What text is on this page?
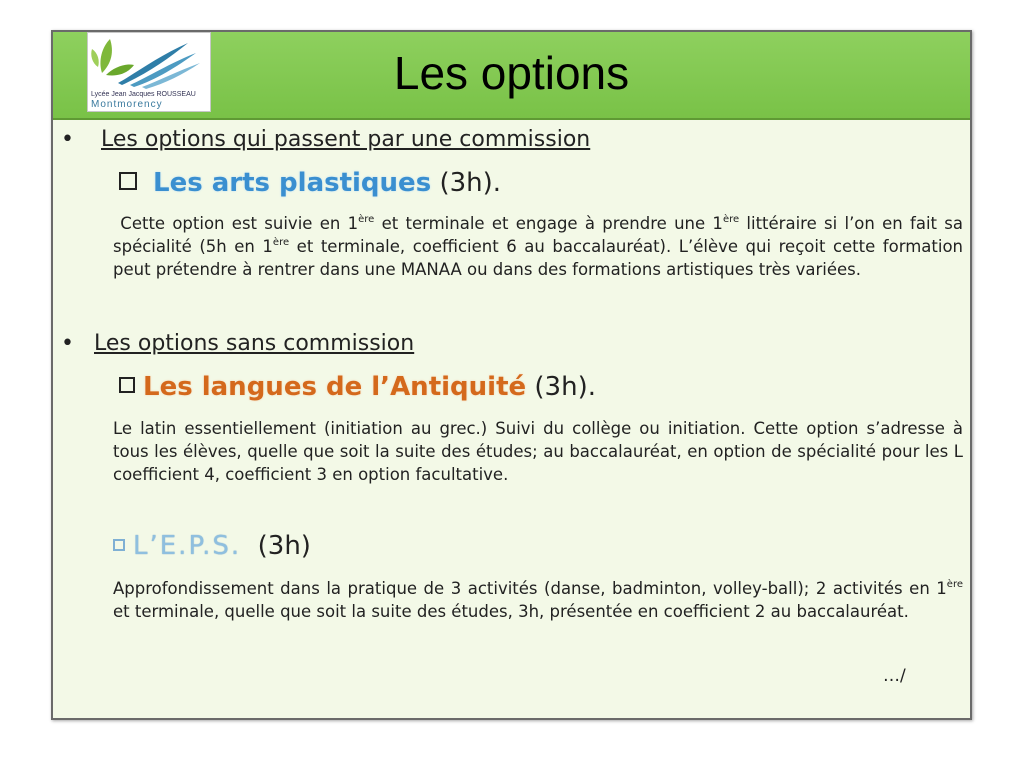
Lycée Jean Jacques ROUSSEAU
Montmorency
Les options
• Les options qui passent par une commission
Les arts plastiques (3h).
Cette option est suivie en 1ère et terminale et engage à prendre une 1ère littéraire si l’on en fait sa spécialité (5h en 1ère et terminale, coefficient 6 au baccalauréat). L’élève qui reçoit cette formation peut prétendre à rentrer dans une MANAA ou dans des formations artistiques très variées.
• Les options sans commission
Les langues de l’Antiquité (3h).
Le latin essentiellement (initiation au grec.) Suivi du collège ou initiation. Cette option s’adresse à tous les élèves, quelle que soit la suite des études; au baccalauréat, en option de spécialité pour les L coefficient 4, coefficient 3 en option facultative.
L’E.P.S. (3h)
Approfondissement dans la pratique de 3 activités (danse, badminton, volley-ball); 2 activités en 1ère et terminale, quelle que soit la suite des études, 3h, présentée en coefficient 2 au baccalauréat.
…/
